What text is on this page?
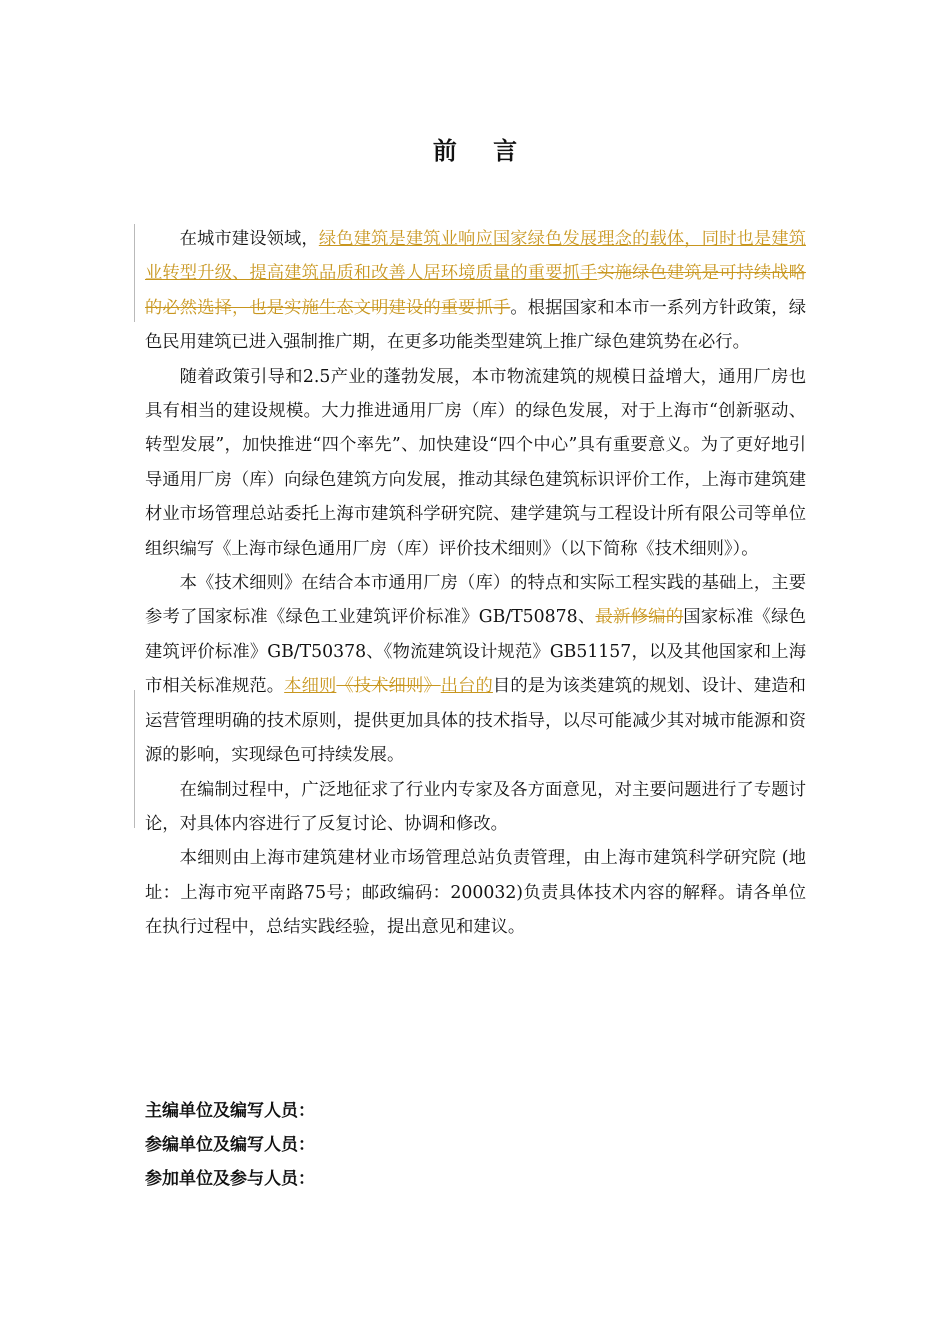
前 言

在城市建设领域，绿色建筑是建筑业响应国家绿色发展理念的载体，同时也是建筑业转型升级、提高建筑品质和改善人居环境质量的重要抓手实施绿色建筑是可持续战略的必然选择，也是实施生态文明建设的重要抓手。根据国家和本市一系列方针政策，绿色民用建筑已进入强制推广期，在更多功能类型建筑上推广绿色建筑势在必行。

随着政策引导和2.5产业的蓬勃发展，本市物流建筑的规模日益增大，通用厂房也具有相当的建设规模。大力推进通用厂房（库）的绿色发展，对于上海市“创新驱动、转型发展”，加快推进“四个率先”、加快建设“四个中心”具有重要意义。为了更好地引导通用厂房（库）向绿色建筑方向发展，推动其绿色建筑标识评价工作，上海市建筑建材业市场管理总站委托上海市建筑科学研究院、建学建筑与工程设计所有限公司等单位组织编写《上海市绿色通用厂房（库）评价技术细则》（以下简称《技术细则》）。

本《技术细则》在结合本市通用厂房（库）的特点和实际工程实践的基础上，主要参考了国家标准《绿色工业建筑评价标准》GB/T50878、最新修编的国家标准《绿色建筑评价标准》GB/T50378、《物流建筑设计规范》GB51157，以及其他国家和上海市相关标准规范。本细则《技术细则》出台的目的是为该类建筑的规划、设计、建造和运营管理明确的技术原则，提供更加具体的技术指导，以尽可能减少其对城市能源和资源的影响，实现绿色可持续发展。

在编制过程中，广泛地征求了行业内专家及各方面意见，对主要问题进行了专题讨论，对具体内容进行了反复讨论、协调和修改。

本细则由上海市建筑建材业市场管理总站负责管理，由上海市建筑科学研究院 (地址：上海市宛平南路75号；邮政编码：200032)负责具体技术内容的解释。请各单位在执行过程中，总结实践经验，提出意见和建议。

主编单位及编写人员：
参编单位及编写人员：
参加单位及参与人员：
